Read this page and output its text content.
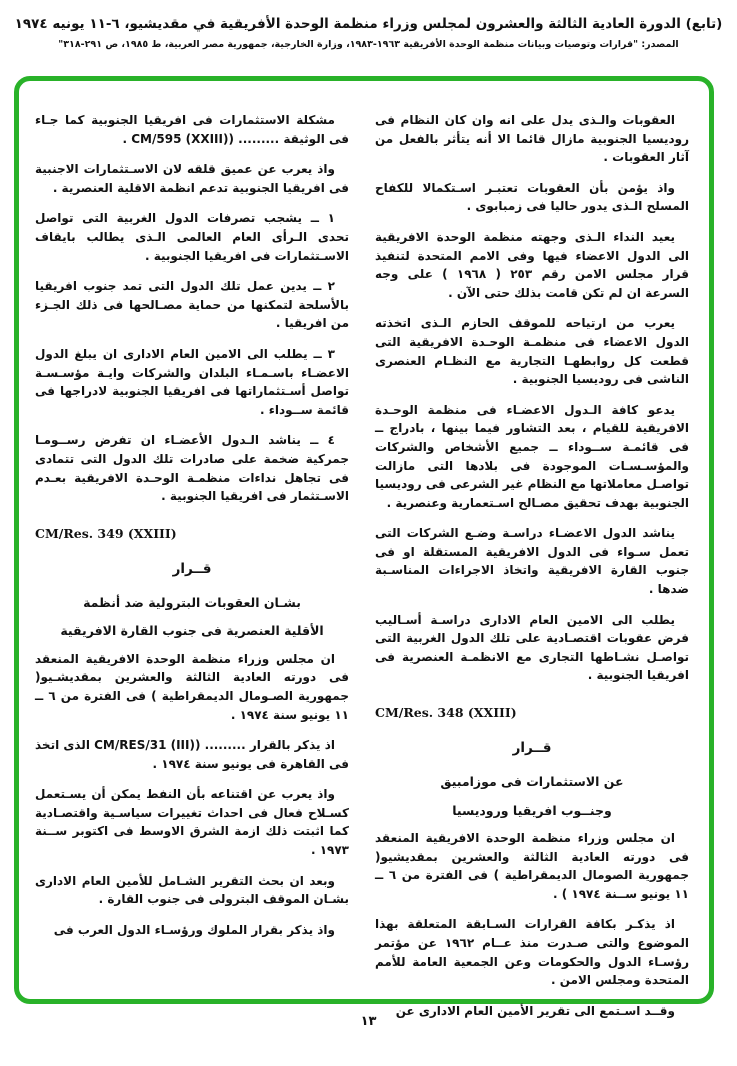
(تابع) الدورة العادية الثالثة والعشرون لمجلس وزراء منظمة الوحدة الأفريقية في مقديشيو، ٦-١١ يونيه ١٩٧٤
المصدر: "قرارات وتوصيات وبيانات منظمة الوحدة الأفريقية ١٩٦٣-١٩٨٣، وزارة الخارجية، جمهورية مصر العربية، ط ١٩٨٥، ص ٢٩١-٣١٨"

العقوبات والـذى يدل على انه وان كان النظام فى روديسيا الجنوبية مازال قائما الا أنه يتأثر بالفعل من آثار العقوبات .

واذ يؤمن بأن العقوبات تعتبـر اسـتكمالا للكفاح المسلح الـذى يدور حاليا فى زمبابوى .

يعيد النداء الـذى وجهته منظمة الوحدة الافريقية الى الدول الاعضاء فيها وفى الامم المتحدة لتنفيذ قرار مجلس الامن رقم ٢٥٣ ( ١٩٦٨ ) على وجه السرعة ان لم تكن قامت بذلك حتى الآن .

يعرب من ارتياحه للموقف الحازم الـذى اتخذته الدول الاعضاء فى منظمـة الوحـدة الافريقية التى قطعت كل روابطهـا التجارية مع النظـام العنصرى الناشى فى روديسيا الجنوبية .

يدعو كافة الـدول الاعضـاء فى منظمة الوحـدة الافريقية للقيام ، بعد التشاور فيما بينها ، بادراج ــ فى قائمـة ســوداء ــ جميع الأشخاص والشركات والمؤسـسـات الموجودة فى بلادها التى مازالت تواصـل معاملاتها مع النظام غير الشرعى فى روديسيا الجنوبية بهدف تحقيق مصـالح اسـتعمارية وعنصرية .

يناشد الدول الاعضـاء دراسـة وضـع الشركات التى تعمل سـواء فى الدول الافريقية المستقلة او فى جنوب القارة الافريقية واتخاذ الاجراءات المناسـبة ضدها .

يطلب الى الامين العام الادارى دراسـة أسـاليب فرض عقوبات اقتصـادية على تلك الدول الغربية التى تواصـل نشـاطها التجارى مع الانظمـة العنصرية فى افريقيا الجنوبية .

CM/Res. 348 (XXIII)
قــرار
عن الاستثمارات فى موزامبيق
وجنــوب افريقيا وروديسيا

ان مجلس وزراء منظمة الوحدة الافريقية المنعقد فى دورته العادية الثالثة والعشرين بمقديشيو( جمهورية الصومال الديمقراطية ) فى الفترة من ٦ ــ ١١ يونيو ســنة ١٩٧٤ ) .

اذ يذكـر بكافة القرارات السـابقة المتعلقة بهذا الموضوع والتى صـدرت منذ عــام ١٩٦٢ عن مؤتمر رؤسـاء الدول والحكومات وعن الجمعية العامة للأمم المتحدة ومجلس الامن .

وقــد اسـتمع الى تقرير الأمين العام الادارى عن

مشكلة الاستثمارات فى افريقيا الجنوبية كما جـاء فى الوثيقة ......... (CM/595 (XXIII) .

واذ يعرب عن عميق قلقه لان الاسـتثمارات الاجنبية فى افريقيا الجنوبية تدعم انظمة الاقلية العنصرية .

١ ــ يشجب تصرفات الدول الغربية التى تواصل تحدى الـرأى العام العالمى الـذى يطالب بايقاف الاسـتثمارات فى افريقيا الجنوبية .

٢ ــ يدين عمل تلك الدول التى تمد جنوب افريقيا بالأسلحة لتمكنها من حماية مصـالحها فى ذلك الجـزء من افريقيا .

٣ ــ يطلب الى الامين العام الادارى ان يبلغ الدول الاعضـاء باسـمـاء البلدان والشركات وايـة مؤسـسـة تواصل أسـتثماراتها فى افريقيا الجنوبية لادراجها فى قائمة ســوداء .

٤ ــ يناشد الـدول الأعضـاء ان تفرض رســومـا جمركية ضخمة على صادرات تلك الدول التى تتمادى فى تجاهل نداءات منظمـة الوحـدة الافريقية بعـدم الاسـتثمار فى افريقيا الجنوبية .

CM/Res. 349 (XXIII)
قــرار
بشـان العقوبات البترولية ضد أنظمة
الأقلية العنصرية فى جنوب القارة الافريقية

ان مجلس وزراء منظمة الوحدة الافريقية المنعقد فى دورته العادية الثالثة والعشرين بمقديشـيو( جمهورية الصـومال الديمقراطية ) فى الفترة من ٦ ــ ١١ يونيو سنة ١٩٧٤ .

اذ يذكر بالقرار ......... (CM/RES/31 (III) الذى اتخذ فى القاهرة فى يونيو سنة ١٩٧٤ .

واذ يعرب عن اقتناعه بأن النفط يمكن أن يسـتعمل كسـلاح فعال فى احداث تغييرات سياسـية واقتصـادية كما اثبتت ذلك ازمة الشرق الاوسط فى اكتوبر ســنة ١٩٧٣ .

وبعد ان بحث التقرير الشـامل للأمين العام الادارى بشـان الموقف البترولى فى جنوب القارة .

واذ يذكر بقرار الملوك ورؤسـاء الدول العرب فى

١٣
